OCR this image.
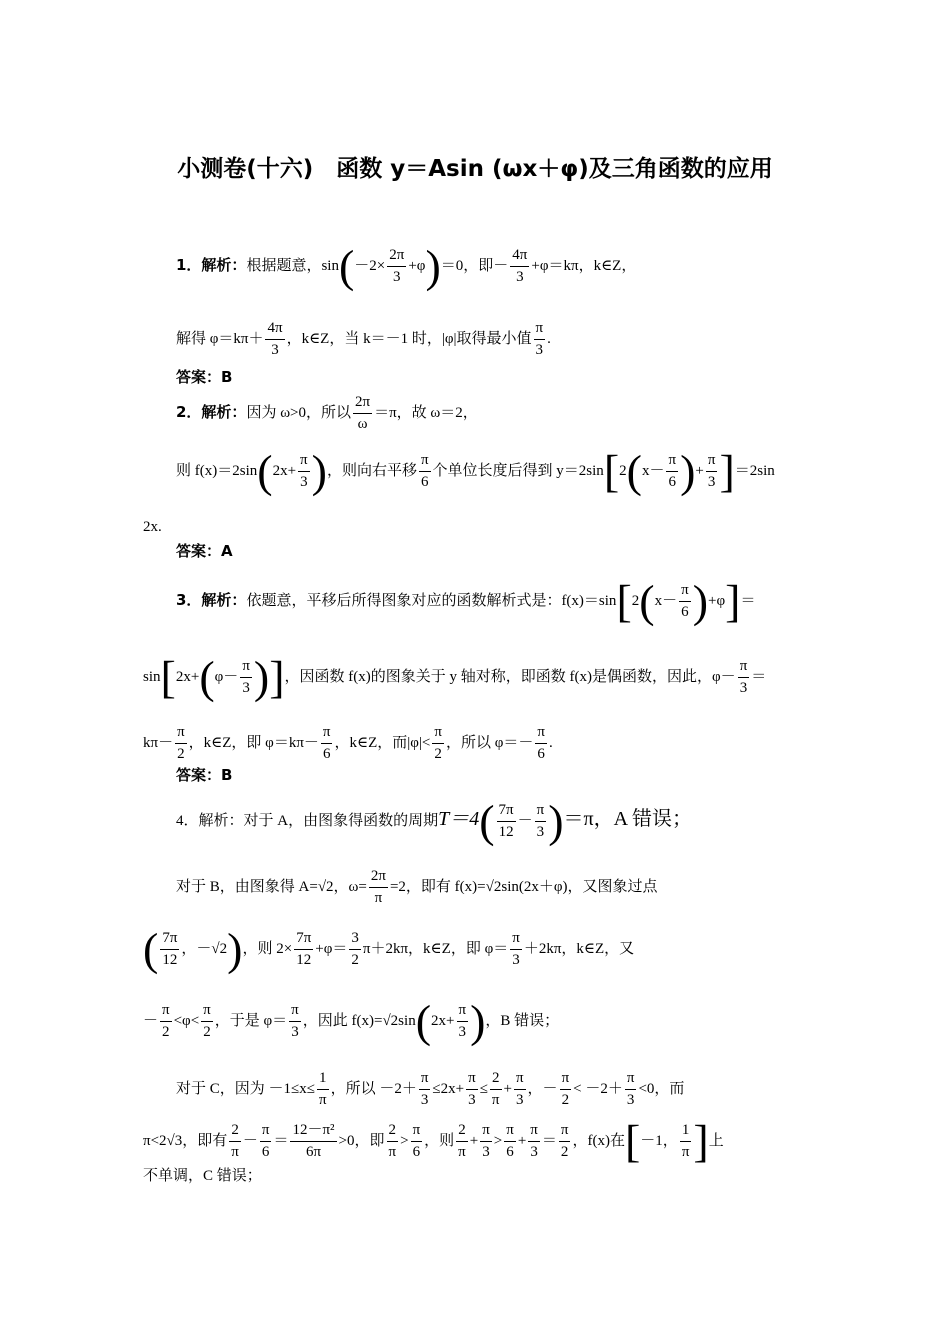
小测卷(十六)　函数 y＝Asin (ωx＋φ)及三角函数的应用
1．解析：根据题意，$\sin(-2\times \frac{2\pi}{3} +\varphi)=0$，即－ $\frac{4\pi}{3} +\varphi=k\pi$，k∈Z，
解得 $\varphi=k\pi+ \frac{4\pi}{3}$ ，k∈Z，当 k＝－1 时，|φ|取得最小值 $\frac{\pi}{3}$ .
答案：B
2．解析：因为 ω>0，所以 $\frac{2\pi}{\omega} =\pi$，故 ω＝2，
则 $f(x)=2\sin(2x+ \frac{\pi}{3}$ )，则向右平移 $\frac{\pi}{6}$ 个单位长度后得到 $y=2\sin[2(x- \frac{\pi}{6}$ )+ $\frac{\pi}{3} ]=2\sin$
2x.
答案：A
3．解析：依题意，平移后所得图象对应的函数解析式是：$f(x)=\sin[2(x- \frac{\pi}{6} )+\varphi]=$
$\sin[2x+(\varphi- \frac{\pi}{3}$ )]，因函数 f(x)的图象关于 y 轴对称，即函数 f(x)是偶函数，因此，$\varphi- \frac{\pi}{3}$ ＝
$k\pi- \frac{\pi}{2}$ ，k∈Z，即 $\varphi=k\pi- \frac{\pi}{6}$ ，k∈Z，而$|\varphi|< \frac{\pi}{2}$ ，所以 $\varphi=- \frac{\pi}{6}$ .
答案：B
4．解析：对于 A，由图象得函数的周期$T=4( \frac{7\pi}{12} - \frac{\pi}{3} )=\pi$，A 错误；
对于 B，由图象得 A=√2，$\omega= \frac{2\pi}{\pi} =2$，即有 f(x)=√2sin(2x＋φ)，又图象过点
( $\frac{7\pi}{12}$ ，－√2)，则 $2\times \frac{7\pi}{12} +\varphi= \frac{3}{2} \pi+2k\pi$，k∈Z，即 $\varphi= \frac{\pi}{3} +2k\pi$，k∈Z，又
－ $\frac{\pi}{2} <\varphi< \frac{\pi}{2}$ ，于是 $\varphi= \frac{\pi}{3}$ ，因此 $f(x)=√2\sin(2x+ \frac{\pi}{3}$ )，B 错误；
对于 C，因为 $-1\le x\le \frac{1}{\pi}$ ，所以 $-2+ \frac{\pi}{3} \le 2x+ \frac{\pi}{3} \le \frac{2}{\pi} + \frac{\pi}{3}$ ，－ $\frac{\pi}{2} < -2+ \frac{\pi}{3} <0$，而
π<2√3，即有 $\frac{2}{\pi} - \frac{\pi}{6} = \frac{\text{12－π²}}{6\pi} >0$，即 $\frac{2}{\pi} > \frac{\pi}{6}$ ，则 $\frac{2}{\pi} + \frac{\pi}{3} > \frac{\pi}{6} + \frac{\pi}{3} = \frac{\pi}{2}$ ，f(x)在[－1， $\frac{1}{\pi}$ ]上
不单调，C 错误；
